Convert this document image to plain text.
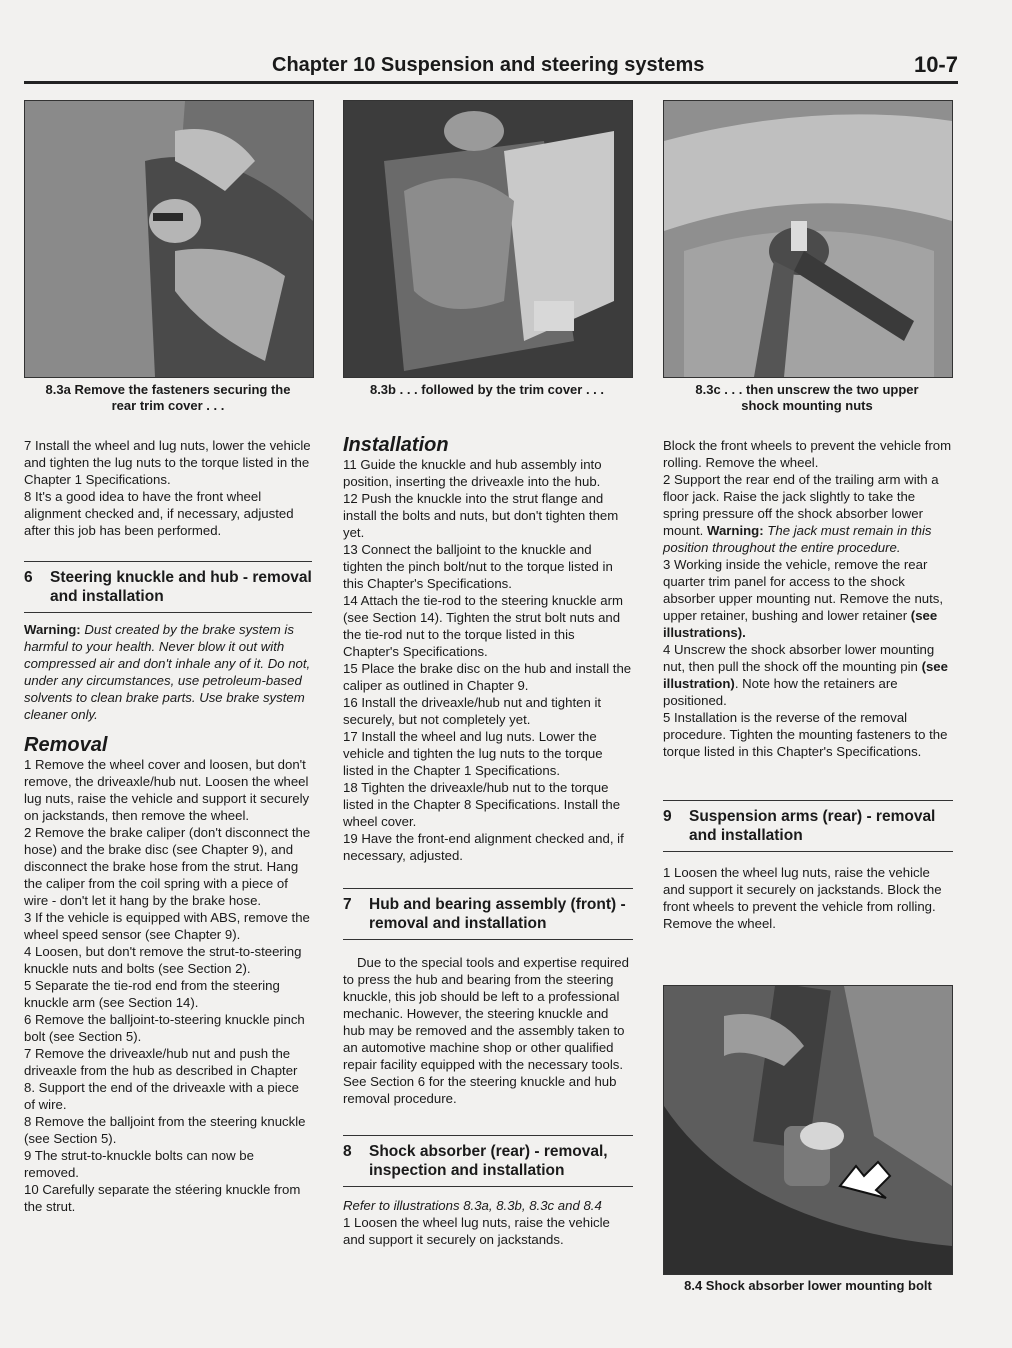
Chapter 10 Suspension and steering systems	10-7
8.3a Remove the fasteners securing the
rear trim cover . . .
8.3b . . . followed by the trim cover . . .	8.3c . . . then unscrew the two upper
shock mounting nuts

7 Install the wheel and lug nuts, lower the vehicle and tighten the lug nuts to the torque listed in the Chapter 1 Specifications.

8 It's a good idea to have the front wheel alignment checked and, if necessary, adjusted after this job has been performed.

6	Steering knuckle and hub - removal and installation

Warning: Dust created by the brake system is harmful to your health. Never blow it out with compressed air and don't inhale any of it. Do not, under any circumstances, use petroleum-based solvents to clean brake parts. Use brake system cleaner only.

Removal

1 Remove the wheel cover and loosen, but don't remove, the driveaxle/hub nut. Loosen the wheel lug nuts, raise the vehicle and support it securely on jackstands, then remove the wheel.

2 Remove the brake caliper (don't disconnect the hose) and the brake disc (see Chapter 9), and disconnect the brake hose from the strut. Hang the caliper from the coil spring with a piece of wire - don't let it hang by the brake hose.

3 If the vehicle is equipped with ABS, remove the wheel speed sensor (see Chapter 9).

4 Loosen, but don't remove the strut-to-steering knuckle nuts and bolts (see Section 2).

5 Separate the tie-rod end from the steering knuckle arm (see Section 14).

6 Remove the balljoint-to-steering knuckle pinch bolt (see Section 5).

7 Remove the driveaxle/hub nut and push the driveaxle from the hub as described in Chapter 8. Support the end of the driveaxle with a piece of wire.

8 Remove the balljoint from the steering knuckle (see Section 5).

9 The strut-to-knuckle bolts can now be removed.

10 Carefully separate the stéering knuckle from the strut.

Installation

11 Guide the knuckle and hub assembly into position, inserting the driveaxle into the hub.

12 Push the knuckle into the strut flange and install the bolts and nuts, but don't tighten them yet.

13 Connect the balljoint to the knuckle and tighten the pinch bolt/nut to the torque listed in this Chapter's Specifications.

14 Attach the tie-rod to the steering knuckle arm (see Section 14). Tighten the strut bolt nuts and the tie-rod nut to the torque listed in this Chapter's Specifications.

15 Place the brake disc on the hub and install the caliper as outlined in Chapter 9.

16 Install the driveaxle/hub nut and tighten it securely, but not completely yet.

17 Install the wheel and lug nuts. Lower the vehicle and tighten the lug nuts to the torque listed in the Chapter 1 Specifications.

18 Tighten the driveaxle/hub nut to the torque listed in the Chapter 8 Specifications. Install the wheel cover.

19 Have the front-end alignment checked and, if necessary, adjusted.

7	Hub and bearing assembly (front) - removal and installation

Due to the special tools and expertise required to press the hub and bearing from the steering knuckle, this job should be left to a professional mechanic. However, the steering knuckle and hub may be removed and the assembly taken to an automotive machine shop or other qualified repair facility equipped with the necessary tools. See Section 6 for the steering knuckle and hub removal procedure.

8	Shock absorber (rear) - removal, inspection and installation

Refer to illustrations 8.3a, 8.3b, 8.3c and 8.4

1 Loosen the wheel lug nuts, raise the vehicle and support it securely on jackstands.

Block the front wheels to prevent the vehicle from rolling. Remove the wheel.

2 Support the rear end of the trailing arm with a floor jack. Raise the jack slightly to take the spring pressure off the shock absorber lower mount. Warning: The jack must remain in this position throughout the entire procedure.

3 Working inside the vehicle, remove the rear quarter trim panel for access to the shock absorber upper mounting nut. Remove the nuts, upper retainer, bushing and lower retainer (see illustrations).

4 Unscrew the shock absorber lower mounting nut, then pull the shock off the mounting pin (see illustration). Note how the retainers are positioned.

5 Installation is the reverse of the removal procedure. Tighten the mounting fasteners to the torque listed in this Chapter's Specifications.

9	Suspension arms (rear) - removal and installation

1 Loosen the wheel lug nuts, raise the vehicle and support it securely on jackstands. Block the front wheels to prevent the vehicle from rolling. Remove the wheel.

8.4 Shock absorber lower mounting bolt
